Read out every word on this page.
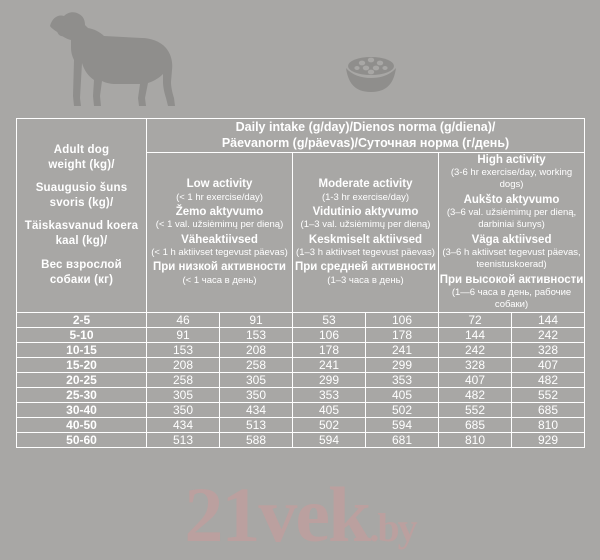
Adult dog
weight (kg)/
Suaugusio šuns
svoris (kg)/
Täiskasvanud koera
kaal (kg)/
Вес взрослой
собаки (кг)

Daily intake (g/day)/Dienos norma (g/diena)/
Päevanorm (g/päevas)/Суточная норма (г/день)

Low activity
(< 1 hr exercise/day)
Žemo aktyvumo
(< 1 val. užsiėmimų per dieną)
Väheaktiivsed
(< 1 h aktiivset tegevust päevas)
При низкой активности
(< 1 часа в день)

Moderate activity
(1-3 hr exercise/day)
Vidutinio aktyvumo
(1–3 val. užsiėmimų per dieną)
Keskmiselt aktiivsed
(1–3 h aktiivset tegevust päevas)
При средней активности
(1–3 часа в день)

High activity
(3-6 hr exercise/day, working dogs)
Aukšto aktyvumo
(3–6 val. užsiėmimų per dieną, darbiniai šunys)
Väga aktiivsed
(3–6 h aktiivset tegevust päevas, teenistuskoerad)
При высокой активности
(1—6 часа в день, рабочие собаки)

2-5	46	91	53	106	72	144
5-10	91	153	106	178	144	242
10-15	153	208	178	241	242	328
15-20	208	258	241	299	328	407
20-25	258	305	299	353	407	482
25-30	305	350	353	405	482	552
30-40	350	434	405	502	552	685
40-50	434	513	502	594	685	810
50-60	513	588	594	681	810	929
21vek.by
